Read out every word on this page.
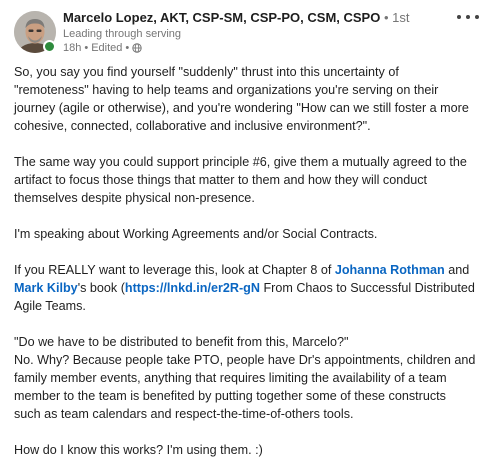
Marcelo Lopez, AKT, CSP-SM, CSP-PO, CSM, CSPO • 1st
Leading through serving
18h • Edited •

So, you say you find yourself "suddenly" thrust into this uncertainty of "remoteness" having to help teams and organizations you're serving on their journey (agile or otherwise), and you're wondering "How can we still foster a more cohesive, connected, collaborative and inclusive environment?".

The same way you could support principle #6, give them a mutually agreed to the artifact to focus those things that matter to them and how they will conduct themselves despite physical non-presence.

I'm speaking about Working Agreements and/or Social Contracts.

If you REALLY want to leverage this, look at Chapter 8 of Johanna Rothman and Mark Kilby's book (https://lnkd.in/er2R-gN From Chaos to Successful Distributed Agile Teams.

"Do we have to be distributed to benefit from this, Marcelo?"
No. Why? Because people take PTO, people have Dr's appointments, children and family member events, anything that requires limiting the availability of a team member to the team is benefited by putting together some of these constructs such as team calendars and respect-the-time-of-others tools.

How do I know this works? I'm using them. :)
